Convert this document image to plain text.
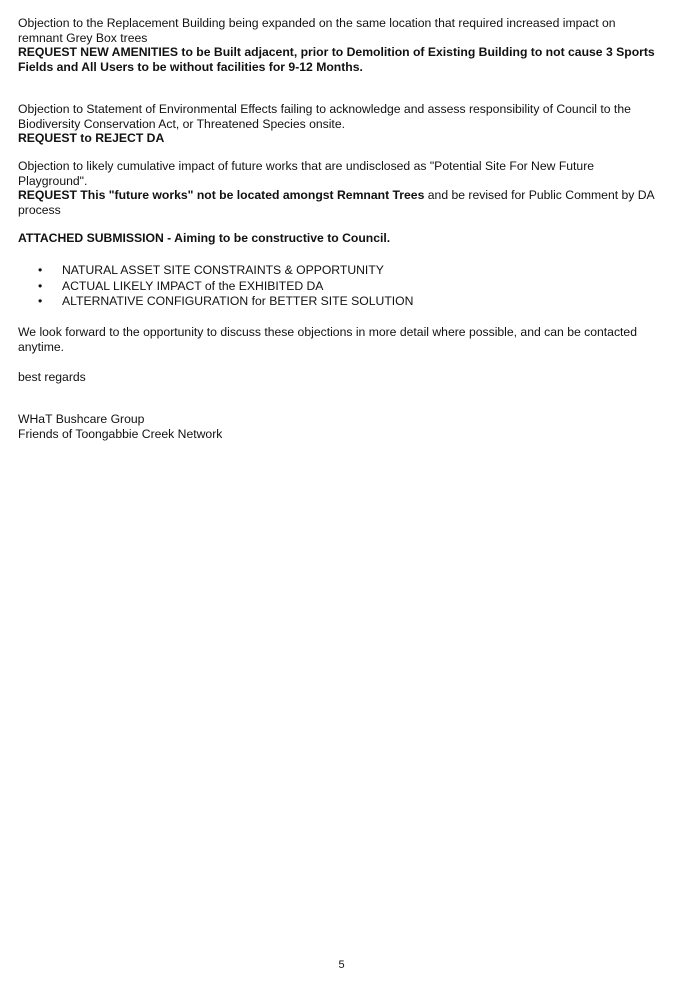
Objection to the Replacement Building being expanded on the same location that required increased impact on remnant Grey Box trees

REQUEST NEW AMENITIES to be Built adjacent, prior to Demolition of Existing Building to not cause 3 Sports Fields and All Users to be without facilities for 9-12 Months.

Objection to Statement of Environmental Effects failing to acknowledge and assess responsibility of Council to the Biodiversity Conservation Act, or Threatened Species onsite.

REQUEST to REJECT DA

Objection to likely cumulative impact of future works that are undisclosed as "Potential Site For New Future Playground".

REQUEST This "future works" not be located amongst Remnant Trees and be revised for Public Comment by DA process

ATTACHED SUBMISSION - Aiming to be constructive to Council.

• NATURAL ASSET SITE CONSTRAINTS & OPPORTUNITY
• ACTUAL LIKELY IMPACT of the EXHIBITED DA
• ALTERNATIVE CONFIGURATION for BETTER SITE SOLUTION

We look forward to the opportunity to discuss these objections in more detail where possible, and can be contacted anytime.

best regards

WHaT Bushcare Group

Friends of Toongabbie Creek Network

5
